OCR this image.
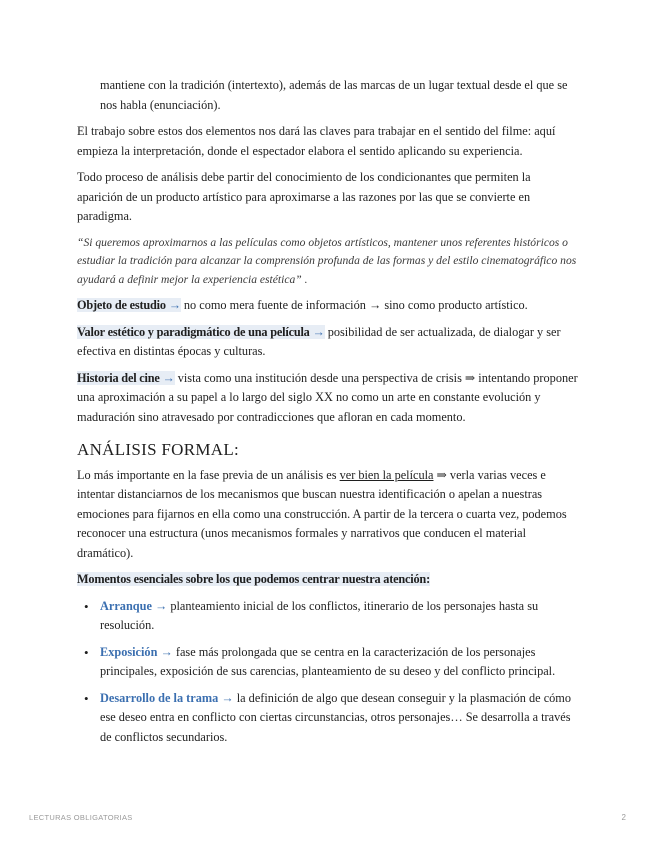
mantiene con la tradición (intertexto), además de las marcas de un lugar textual desde el que se nos habla (enunciación).

El trabajo sobre estos dos elementos nos dará las claves para trabajar en el sentido del filme: aquí empieza la interpretación, donde el espectador elabora el sentido aplicando su experiencia.

Todo proceso de análisis debe partir del conocimiento de los condicionantes que permiten la aparición de un producto artístico para aproximarse a las razones por las que se convierte en paradigma.

“Si queremos aproximarnos a las películas como objetos artísticos, mantener unos referentes históricos o estudiar la tradición para alcanzar la comprensión profunda de las formas y del estilo cinematográfico nos ayudará a definir mejor la experiencia estética” .

Objeto de estudio → no como mera fuente de información → sino como producto artístico.

Valor estético y paradigmático de una película → posibilidad de ser actualizada, de dialogar y ser efectiva en distintas épocas y culturas.

Historia del cine → vista como una institución desde una perspectiva de crisis ⇒ intentando proponer una aproximación a su papel a lo largo del siglo XX no como un arte en constante evolución y maduración sino atravesado por contradicciones que afloran en cada momento.

ANÁLISIS FORMAL:

Lo más importante en la fase previa de un análisis es ver bien la película ⇒ verla varias veces e intentar distanciarnos de los mecanismos que buscan nuestra identificación o apelan a nuestras emociones para fijarnos en ella como una construcción. A partir de la tercera o cuarta vez, podemos reconocer una estructura (unos mecanismos formales y narrativos que conducen el material dramático).

Momentos esenciales sobre los que podemos centrar nuestra atención:

• Arranque → planteamiento inicial de los conflictos, itinerario de los personajes hasta su resolución.
• Exposición → fase más prolongada que se centra en la caracterización de los personajes principales, exposición de sus carencias, planteamiento de su deseo y del conflicto principal.
• Desarrollo de la trama → la definición de algo que desean conseguir y la plasmación de cómo ese deseo entra en conflicto con ciertas circunstancias, otros personajes… Se desarrolla a través de conflictos secundarios.
LECTURAS OBLIGATORIAS	2
